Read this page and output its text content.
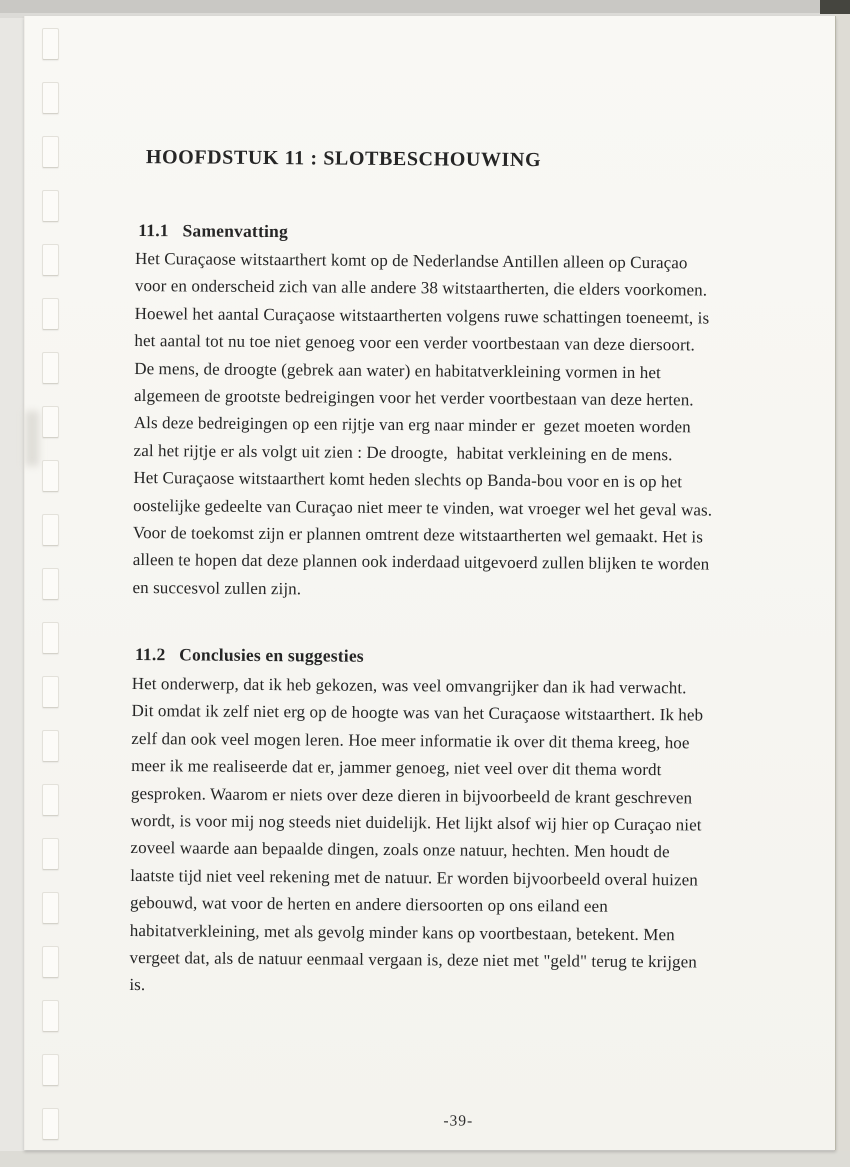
HOOFDSTUK 11 : SLOTBESCHOUWING
11.1   Samenvatting
Het Curaçaose witstaarthert komt op de Nederlandse Antillen alleen op Curaçao
voor en onderscheid zich van alle andere 38 witstaartherten, die elders voorkomen.
Hoewel het aantal Curaçaose witstaartherten volgens ruwe schattingen toeneemt, is
het aantal tot nu toe niet genoeg voor een verder voortbestaan van deze diersoort.
De mens, de droogte (gebrek aan water) en habitatverkleining vormen in het
algemeen de grootste bedreigingen voor het verder voortbestaan van deze herten.
Als deze bedreigingen op een rijtje van erg naar minder er  gezet moeten worden
zal het rijtje er als volgt uit zien : De droogte,  habitat verkleining en de mens.
Het Curaçaose witstaarthert komt heden slechts op Banda-bou voor en is op het
oostelijke gedeelte van Curaçao niet meer te vinden, wat vroeger wel het geval was.
Voor de toekomst zijn er plannen omtrent deze witstaartherten wel gemaakt. Het is
alleen te hopen dat deze plannen ook inderdaad uitgevoerd zullen blijken te worden
en succesvol zullen zijn.
11.2   Conclusies en suggesties
Het onderwerp, dat ik heb gekozen, was veel omvangrijker dan ik had verwacht.
Dit omdat ik zelf niet erg op de hoogte was van het Curaçaose witstaarthert. Ik heb
zelf dan ook veel mogen leren. Hoe meer informatie ik over dit thema kreeg, hoe
meer ik me realiseerde dat er, jammer genoeg, niet veel over dit thema wordt
gesproken. Waarom er niets over deze dieren in bijvoorbeeld de krant geschreven
wordt, is voor mij nog steeds niet duidelijk. Het lijkt alsof wij hier op Curaçao niet
zoveel waarde aan bepaalde dingen, zoals onze natuur, hechten. Men houdt de
laatste tijd niet veel rekening met de natuur. Er worden bijvoorbeeld overal huizen
gebouwd, wat voor de herten en andere diersoorten op ons eiland een
habitatverkleining, met als gevolg minder kans op voortbestaan, betekent. Men
vergeet dat, als de natuur eenmaal vergaan is, deze niet met "geld" terug te krijgen
is.
-39-
